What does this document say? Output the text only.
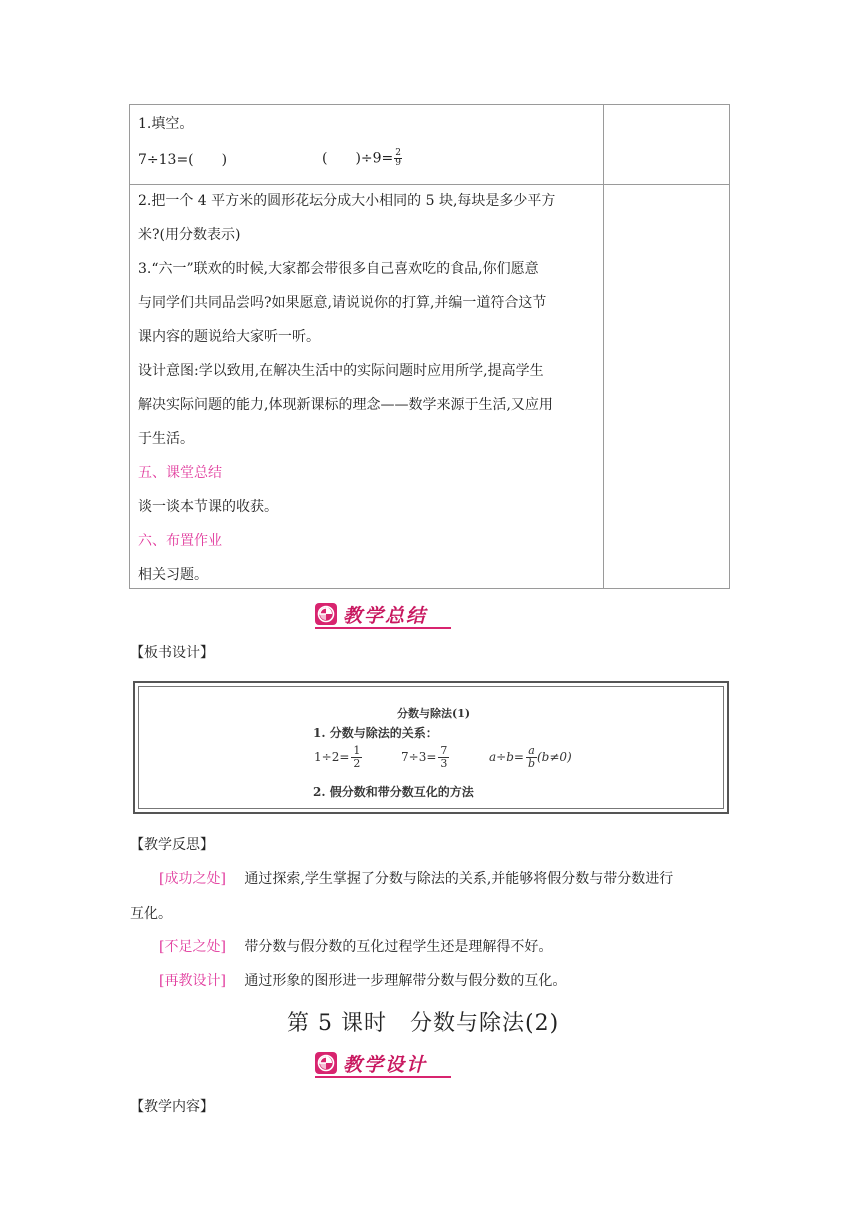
1.填空。
7÷13=(　　)	(　　)$\div 9= \frac{2}{9}$
2.把一个 4 平方米的圆形花坛分成大小相同的 5 块,每块是多少平方
米?(用分数表示)
3.“六一”联欢的时候,大家都会带很多自己喜欢吃的食品,你们愿意
与同学们共同品尝吗?如果愿意,请说说你的打算,并编一道符合这节
课内容的题说给大家听一听。
设计意图:学以致用,在解决生活中的实际问题时应用所学,提高学生
解决实际问题的能力,体现新课标的理念——数学来源于生活,又应用
于生活。
五、课堂总结
谈一谈本节课的收获。
六、布置作业
相关习题。
教学总结
【板书设计】
分数与除法(1)
1. 分数与除法的关系：
$1\div 2= \frac{1}{2}$	$7\div 3= \frac{7}{3}$	$a\div b= \frac{a}{b} (b\ne 0)$
2. 假分数和带分数互化的方法
【教学反思】
[成功之处] 通过探索,学生掌握了分数与除法的关系,并能够将假分数与带分数进行
互化。
[不足之处] 带分数与假分数的互化过程学生还是理解得不好。
[再教设计] 通过形象的图形进一步理解带分数与假分数的互化。
第 5 课时　分数与除法(2)
教学设计
【教学内容】
